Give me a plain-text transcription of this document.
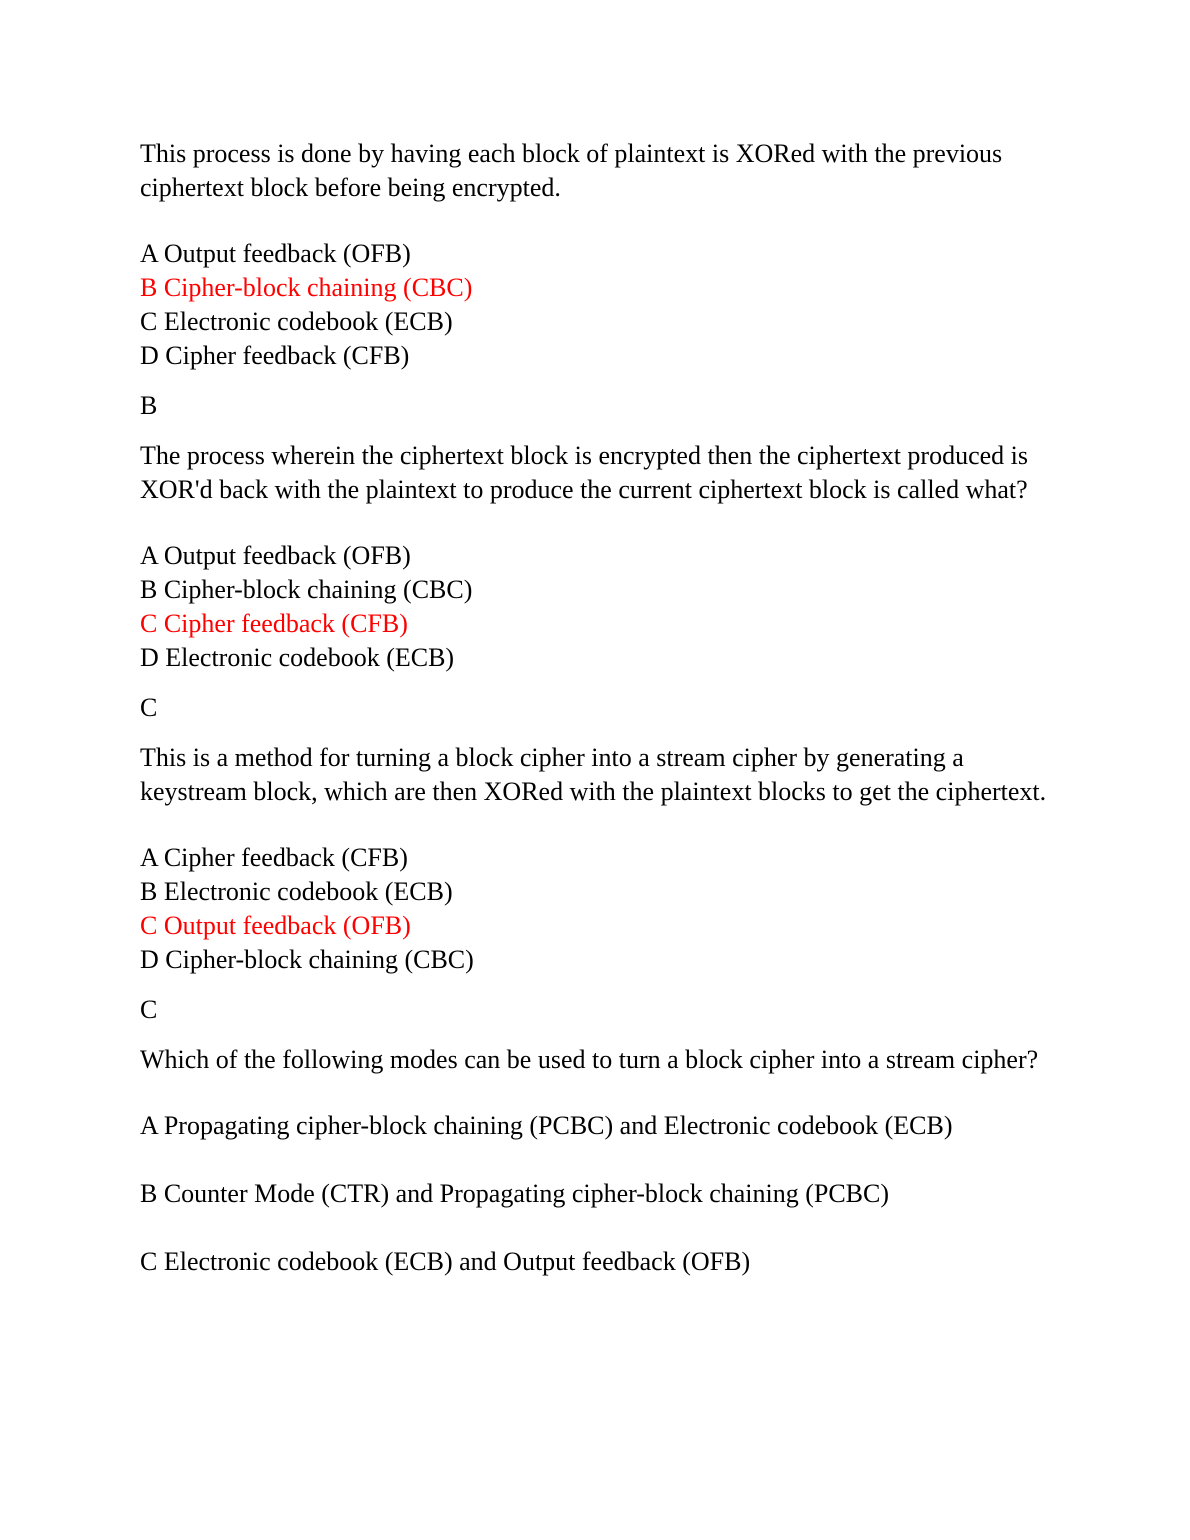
This process is done by having each block of plaintext is XORed with the previous ciphertext block before being encrypted.

A Output feedback (OFB)

B Cipher-block chaining (CBC)

C Electronic codebook (ECB)

D Cipher feedback (CFB)

B

The process wherein the ciphertext block is encrypted then the ciphertext produced is XOR'd back with the plaintext to produce the current ciphertext block is called what?

A Output feedback (OFB)

B Cipher-block chaining (CBC)

C Cipher feedback (CFB)

D Electronic codebook (ECB)

C

This is a method for turning a block cipher into a stream cipher by generating a keystream block, which are then XORed with the plaintext blocks to get the ciphertext.

A Cipher feedback (CFB)

B Electronic codebook (ECB)

C Output feedback (OFB)

D Cipher-block chaining (CBC)

C

Which of the following modes can be used to turn a block cipher into a stream cipher?

A Propagating cipher-block chaining (PCBC) and Electronic codebook (ECB)

B Counter Mode (CTR) and Propagating cipher-block chaining (PCBC)

C Electronic codebook (ECB) and Output feedback (OFB)
